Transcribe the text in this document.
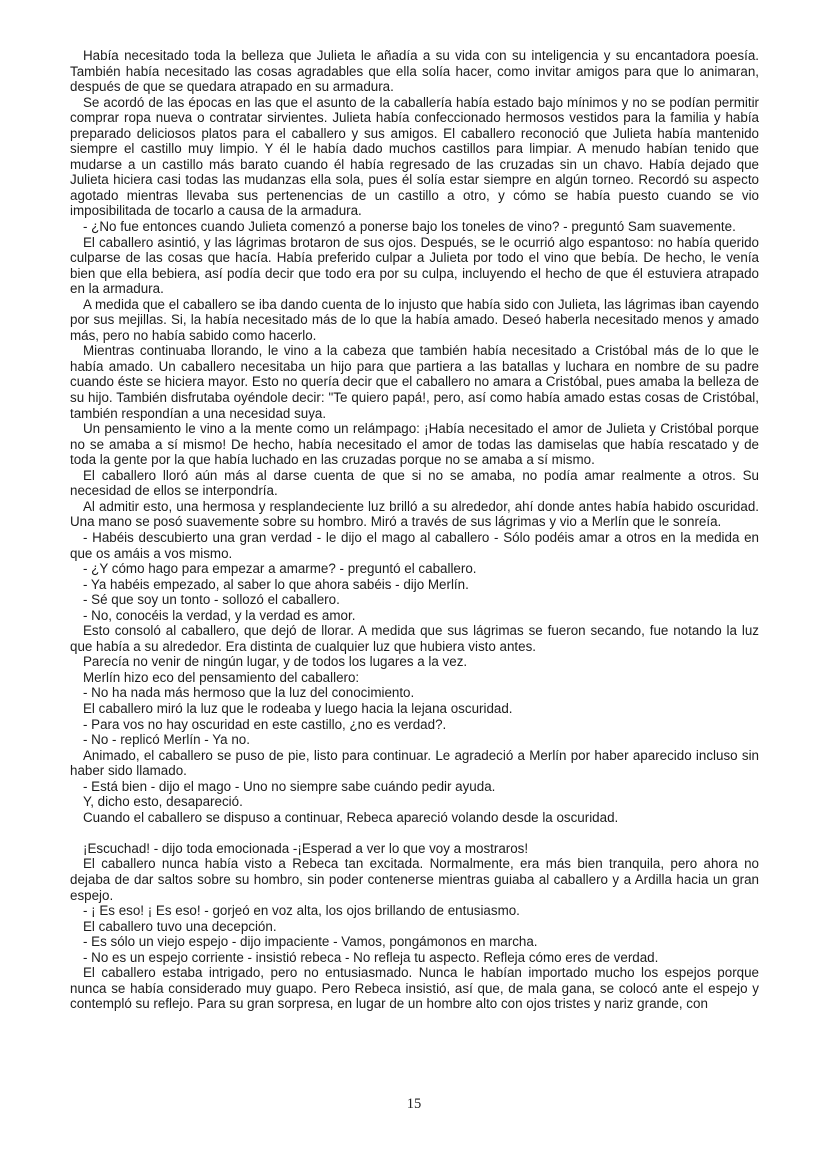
Había necesitado toda la belleza que Julieta le añadía a su vida con su inteligencia y su encantadora poesía. También había necesitado las cosas agradables que ella solía hacer, como invitar amigos para que lo animaran, después de que se quedara atrapado en su armadura.

Se acordó de las épocas en las que el asunto de la caballería había estado bajo mínimos y no se podían permitir comprar ropa nueva o contratar sirvientes. Julieta había confeccionado hermosos vestidos para la familia y había preparado deliciosos platos para el caballero y sus amigos. El caballero reconoció que Julieta había mantenido siempre el castillo muy limpio. Y él le había dado muchos castillos para limpiar. A menudo habían tenido que mudarse a un castillo más barato cuando él había regresado de las cruzadas sin un chavo. Había dejado que Julieta hiciera casi todas las mudanzas ella sola, pues él solía estar siempre en algún torneo. Recordó su aspecto agotado mientras llevaba sus pertenencias de un castillo a otro, y cómo se había puesto cuando se vio imposibilitada de tocarlo a causa de la armadura.

- ¿No fue entonces cuando Julieta comenzó a ponerse bajo los toneles de vino? - preguntó Sam suavemente.

El caballero asintió, y las lágrimas brotaron de sus ojos. Después, se le ocurrió algo espantoso: no había querido culparse de las cosas que hacía. Había preferido culpar a Julieta por todo el vino que bebía. De hecho, le venía bien que ella bebiera, así podía decir que todo era por su culpa, incluyendo el hecho de que él estuviera atrapado en la armadura.

A medida que el caballero se iba dando cuenta de lo injusto que había sido con Julieta, las lágrimas iban cayendo por sus mejillas. Si, la había necesitado más de lo que la había amado. Deseó haberla necesitado menos y amado más, pero no había sabido como hacerlo.

Mientras continuaba llorando, le vino a la cabeza que también había necesitado a Cristóbal más de lo que le había amado. Un caballero necesitaba un hijo para que partiera a las batallas y luchara en nombre de su padre cuando éste se hiciera mayor. Esto no quería decir que el caballero no amara a Cristóbal, pues amaba la belleza de su hijo. También disfrutaba oyéndole decir: "Te quiero papá!, pero, así como había amado estas cosas de Cristóbal, también respondían a una necesidad suya.

Un pensamiento le vino a la mente como un relámpago: ¡Había necesitado el amor de Julieta y Cristóbal porque no se amaba a sí mismo! De hecho, había necesitado el amor de todas las damiselas que había rescatado y de toda la gente por la que había luchado en las cruzadas porque no se amaba a sí mismo.

El caballero lloró aún más al darse cuenta de que si no se amaba, no podía amar realmente a otros. Su necesidad de ellos se interpondría.

Al admitir esto, una hermosa y resplandeciente luz brilló a su alrededor, ahí donde antes había habido oscuridad. Una mano se posó suavemente sobre su hombro. Miró a través de sus lágrimas y vio a Merlín que le sonreía.

- Habéis descubierto una gran verdad - le dijo el mago al caballero - Sólo podéis amar a otros en la medida en que os amáis a vos mismo.

- ¿Y cómo hago para empezar a amarme? - preguntó el caballero.

- Ya habéis empezado, al saber lo que ahora sabéis - dijo Merlín.

- Sé que soy un tonto - sollozó el caballero.

- No, conocéis la verdad, y la verdad es amor.

Esto consoló al caballero, que dejó de llorar. A medida que sus lágrimas se fueron secando, fue notando la luz que había a su alrededor. Era distinta de cualquier luz que hubiera visto antes.

Parecía no venir de ningún lugar, y de todos los lugares a la vez.

Merlín hizo eco del pensamiento del caballero:

- No ha nada más hermoso que la luz del conocimiento.

El caballero miró la luz que le rodeaba y luego hacia la lejana oscuridad.

- Para vos no hay oscuridad en este castillo, ¿no es verdad?.

- No - replicó Merlín - Ya no.

Animado, el caballero se puso de pie, listo para continuar. Le agradeció a Merlín por haber aparecido incluso sin haber sido llamado.

- Está bien - dijo el mago - Uno no siempre sabe cuándo pedir ayuda.

Y, dicho esto, desapareció.

Cuando el caballero se dispuso a continuar, Rebeca apareció volando desde la oscuridad.

¡Escuchad! - dijo toda emocionada -¡Esperad a ver lo que voy a mostraros!

El caballero nunca había visto a Rebeca tan excitada. Normalmente, era más bien tranquila, pero ahora no dejaba de dar saltos sobre su hombro, sin poder contenerse mientras guiaba al caballero y a Ardilla hacia un gran espejo.

- ¡ Es eso! ¡ Es eso! - gorjeó en voz alta, los ojos brillando de entusiasmo.

El caballero tuvo una decepción.

- Es sólo un viejo espejo - dijo impaciente - Vamos, pongámonos en marcha.

- No es un espejo corriente - insistió rebeca - No refleja tu aspecto. Refleja cómo eres de verdad.

El caballero estaba intrigado, pero no entusiasmado. Nunca le habían importado mucho los espejos porque nunca se había considerado muy guapo. Pero Rebeca insistió, así que, de mala gana, se colocó ante el espejo y contempló su reflejo. Para su gran sorpresa, en lugar de un hombre alto con ojos tristes y nariz grande, con

15
